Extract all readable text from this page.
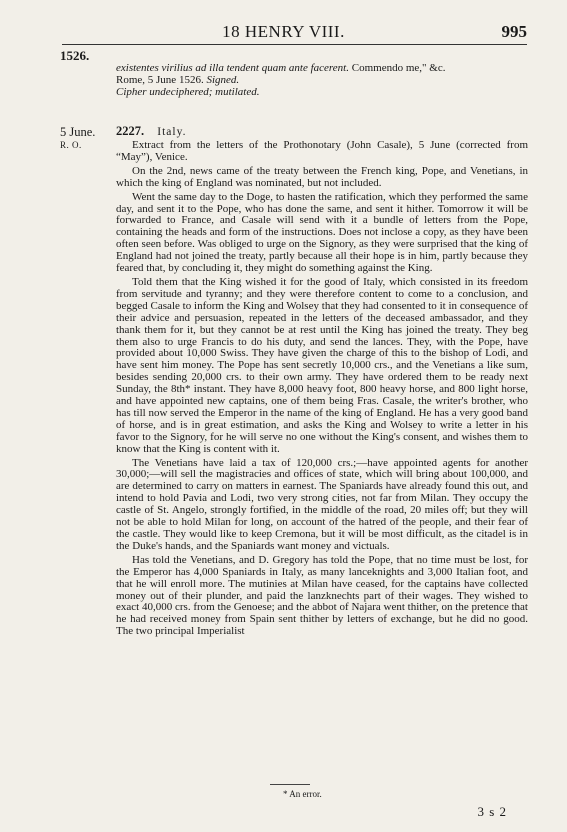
18 HENRY VIII.	995
1526.
existentes virilius ad illa tendent quam ante facerent. Commendo me," &c.
Rome, 5 June 1526. Signed.
Cipher undeciphered; mutilated.
5 June.
R. O.
2227. Italy.

Extract from the letters of the Prothonotary (John Casale), 5 June (corrected from “May”), Venice.

On the 2nd, news came of the treaty between the French king, Pope, and Venetians, in which the king of England was nominated, but not included.

Went the same day to the Doge, to hasten the ratification, which they performed the same day, and sent it to the Pope, who has done the same, and sent it hither. Tomorrow it will be forwarded to France, and Casale will send with it a bundle of letters from the Pope, containing the heads and form of the instructions. Does not inclose a copy, as they have been often seen before. Was obliged to urge on the Signory, as they were surprised that the king of England had not joined the treaty, partly because all their hope is in him, partly because they feared that, by concluding it, they might do something against the King.

Told them that the King wished it for the good of Italy, which consisted in its freedom from servitude and tyranny; and they were therefore content to come to a conclusion, and begged Casale to inform the King and Wolsey that they had consented to it in consequence of their advice and persuasion, repeated in the letters of the deceased ambassador, and they thank them for it, but they cannot be at rest until the King has joined the treaty. They beg them also to urge Francis to do his duty, and send the lances. They, with the Pope, have provided about 10,000 Swiss. They have given the charge of this to the bishop of Lodi, and have sent him money. The Pope has sent secretly 10,000 crs., and the Venetians a like sum, besides sending 20,000 crs. to their own army. They have ordered them to be ready next Sunday, the 8th* instant. They have 8,000 heavy foot, 800 heavy horse, and 800 light horse, and have appointed new captains, one of them being Fras. Casale, the writer's brother, who has till now served the Emperor in the name of the king of England. He has a very good band of horse, and is in great estimation, and asks the King and Wolsey to write a letter in his favor to the Signory, for he will serve no one without the King's consent, and wishes them to know that the King is content with it.

The Venetians have laid a tax of 120,000 crs.;—have appointed agents for another 30,000;—will sell the magistracies and offices of state, which will bring about 100,000, and are determined to carry on matters in earnest. The Spaniards have already found this out, and intend to hold Pavia and Lodi, two very strong cities, not far from Milan. They occupy the castle of St. Angelo, strongly fortified, in the middle of the road, 20 miles off; but they will not be able to hold Milan for long, on account of the hatred of the people, and their fear of the castle. They would like to keep Cremona, but it will be most difficult, as the citadel is in the Duke's hands, and the Spaniards want money and victuals.

Has told the Venetians, and D. Gregory has told the Pope, that no time must be lost, for the Emperor has 4,000 Spaniards in Italy, as many lanceknights and 3,000 Italian foot, and that he will enroll more. The mutinies at Milan have ceased, for the captains have collected money out of their plunder, and paid the lanzknechts part of their wages. They wished to exact 40,000 crs. from the Genoese; and the abbot of Najara went thither, on the pretence that he had received money from Spain sent thither by letters of exchange, but he did no good. The two principal Imperialist

* An error.
3 s 2
